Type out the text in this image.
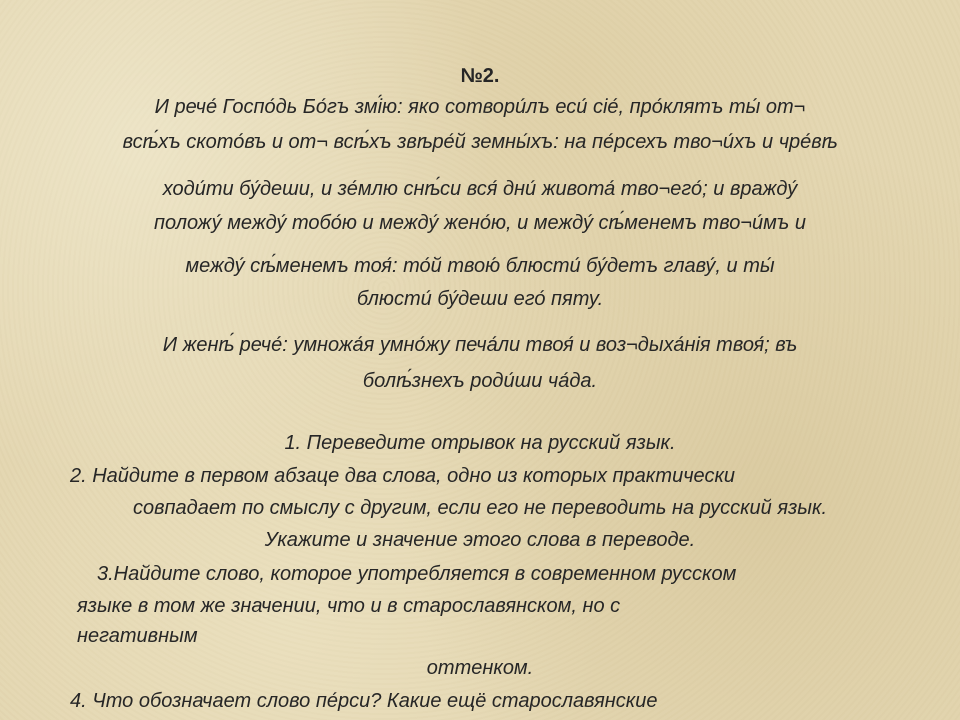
№2.

И рече́ Госпо́дь Бо́гъ змі́ю: яко сотвори́лъ еси́ сіе́, про́клятъ ты́ от¬

всѣ́хъ ското́въ и от¬ всѣ́хъ звѣре́й земны́хъ: на пе́рсехъ тво¬и́хъ и чре́вѣ

ходи́ти бу́деши, и зе́млю снѣ́си вся́ дни́ живота́ тво¬его́; и вражду́

положу́ между́ тобо́ю и между́ жено́ю, и между́ сѣ́менемъ тво¬и́мъ и

между́ сѣ́менемъ тоя́: то́й твою́ блюсти́ бу́детъ главу́, и ты́

блюсти́ бу́деши его́ пяту.

И женѣ́ рече́: умножа́я умно́жу печа́ли твоя́ и воз¬дыха́нія твоя́; въ

болѣ́знехъ роди́ши ча́да.

1. Переведите отрывок на русский язык.

2. Найдите в первом абзаце два слова, одно из которых практически

совпадает по смыслу с другим, если его не переводить на русский язык.

Укажите и значение этого слова в переводе.

3.Найдите слово, которое употребляется в современном русском

языке в том же значении, что и в старославянском, но с

негативным

оттенком.

4. Что обозначает слово пе́рси? Какие ещё старославянские
